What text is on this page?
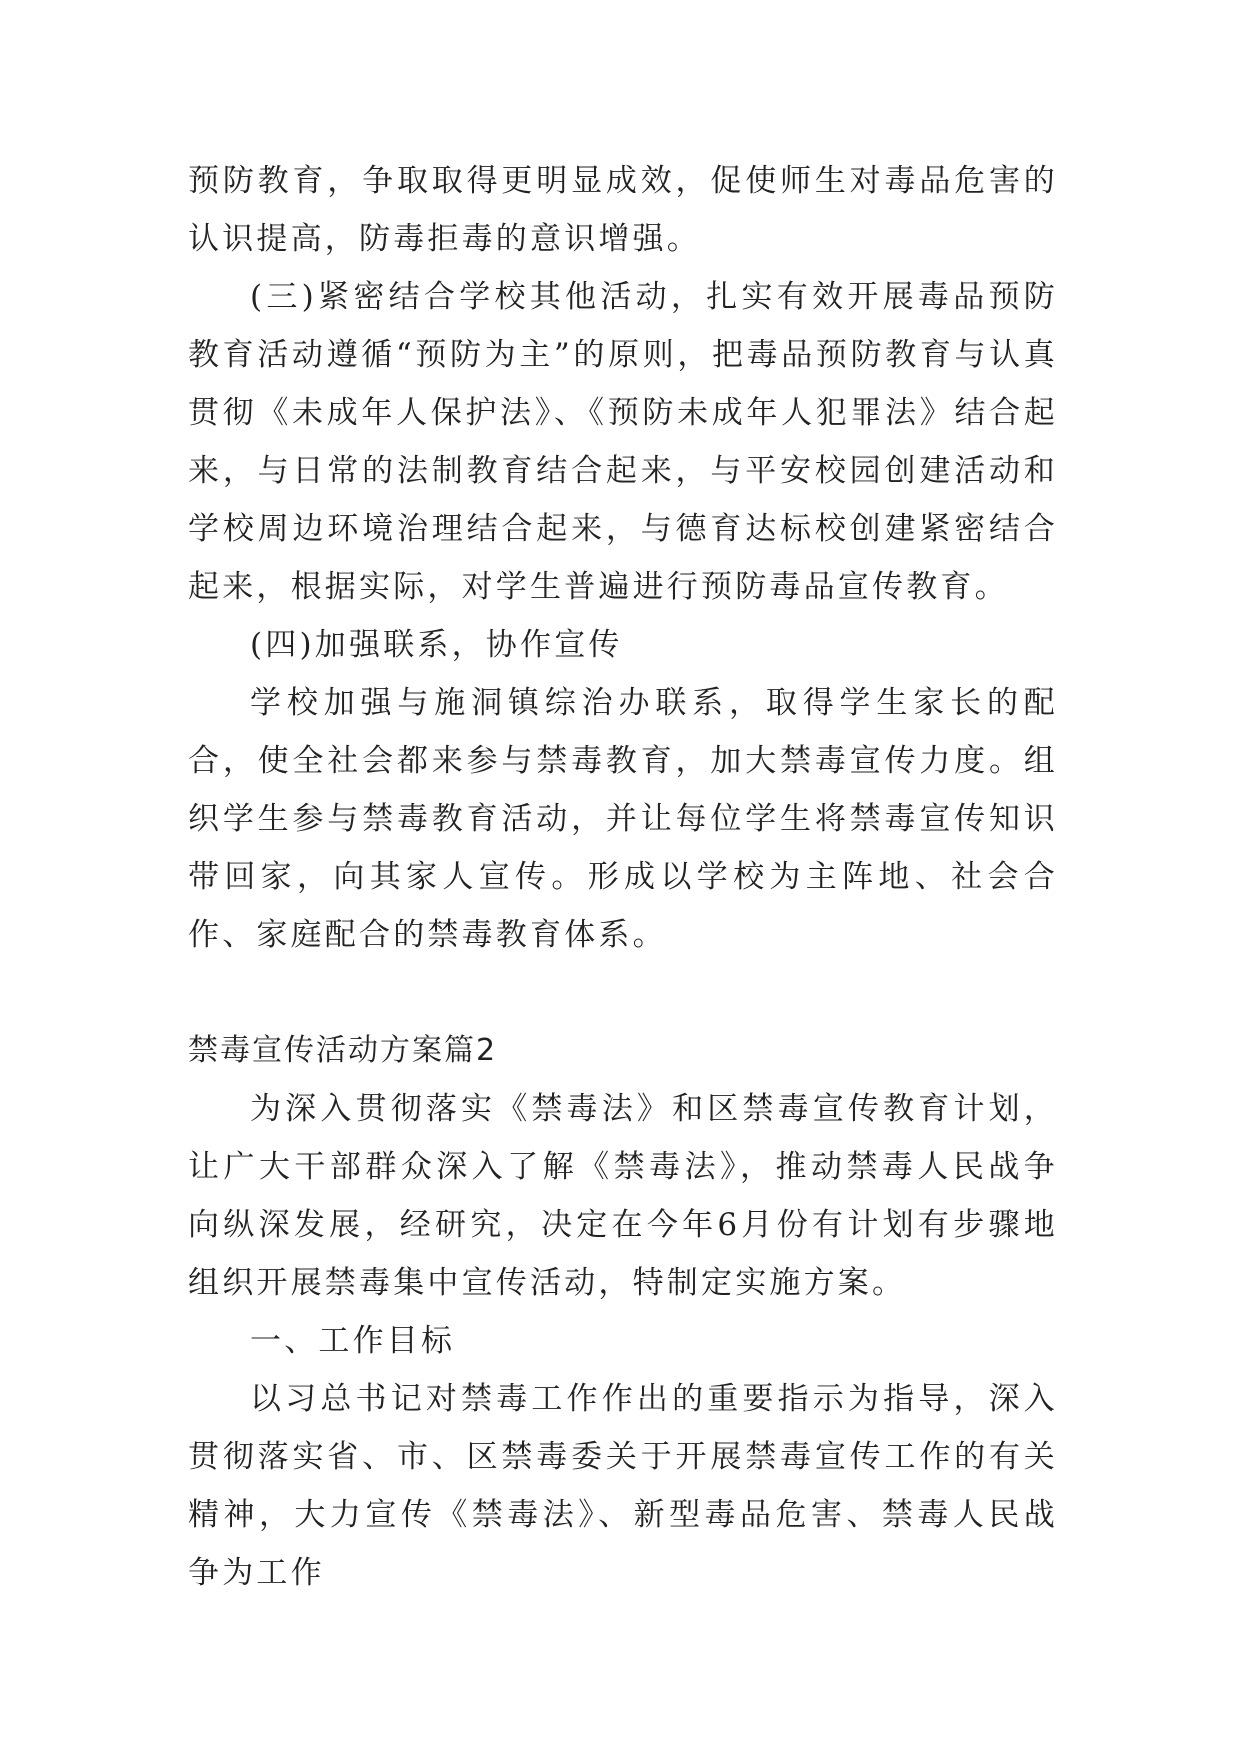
预防教育，争取取得更明显成效，促使师生对毒品危害的认识提高，防毒拒毒的意识增强。

(三)紧密结合学校其他活动，扎实有效开展毒品预防教育活动遵循“预防为主”的原则，把毒品预防教育与认真贯彻《未成年人保护法》、《预防未成年人犯罪法》结合起来，与日常的法制教育结合起来，与平安校园创建活动和学校周边环境治理结合起来，与德育达标校创建紧密结合起来，根据实际，对学生普遍进行预防毒品宣传教育。

(四)加强联系，协作宣传

学校加强与施洞镇综治办联系，取得学生家长的配合，使全社会都来参与禁毒教育，加大禁毒宣传力度。组织学生参与禁毒教育活动，并让每位学生将禁毒宣传知识带回家，向其家人宣传。形成以学校为主阵地、社会合作、家庭配合的禁毒教育体系。

禁毒宣传活动方案篇2

为深入贯彻落实《禁毒法》和区禁毒宣传教育计划，让广大干部群众深入了解《禁毒法》，推动禁毒人民战争向纵深发展，经研究，决定在今年6月份有计划有步骤地组织开展禁毒集中宣传活动，特制定实施方案。

一、工作目标

以习总书记对禁毒工作作出的重要指示为指导，深入贯彻落实省、市、区禁毒委关于开展禁毒宣传工作的有关精神，大力宣传《禁毒法》、新型毒品危害、禁毒人民战争为工作
